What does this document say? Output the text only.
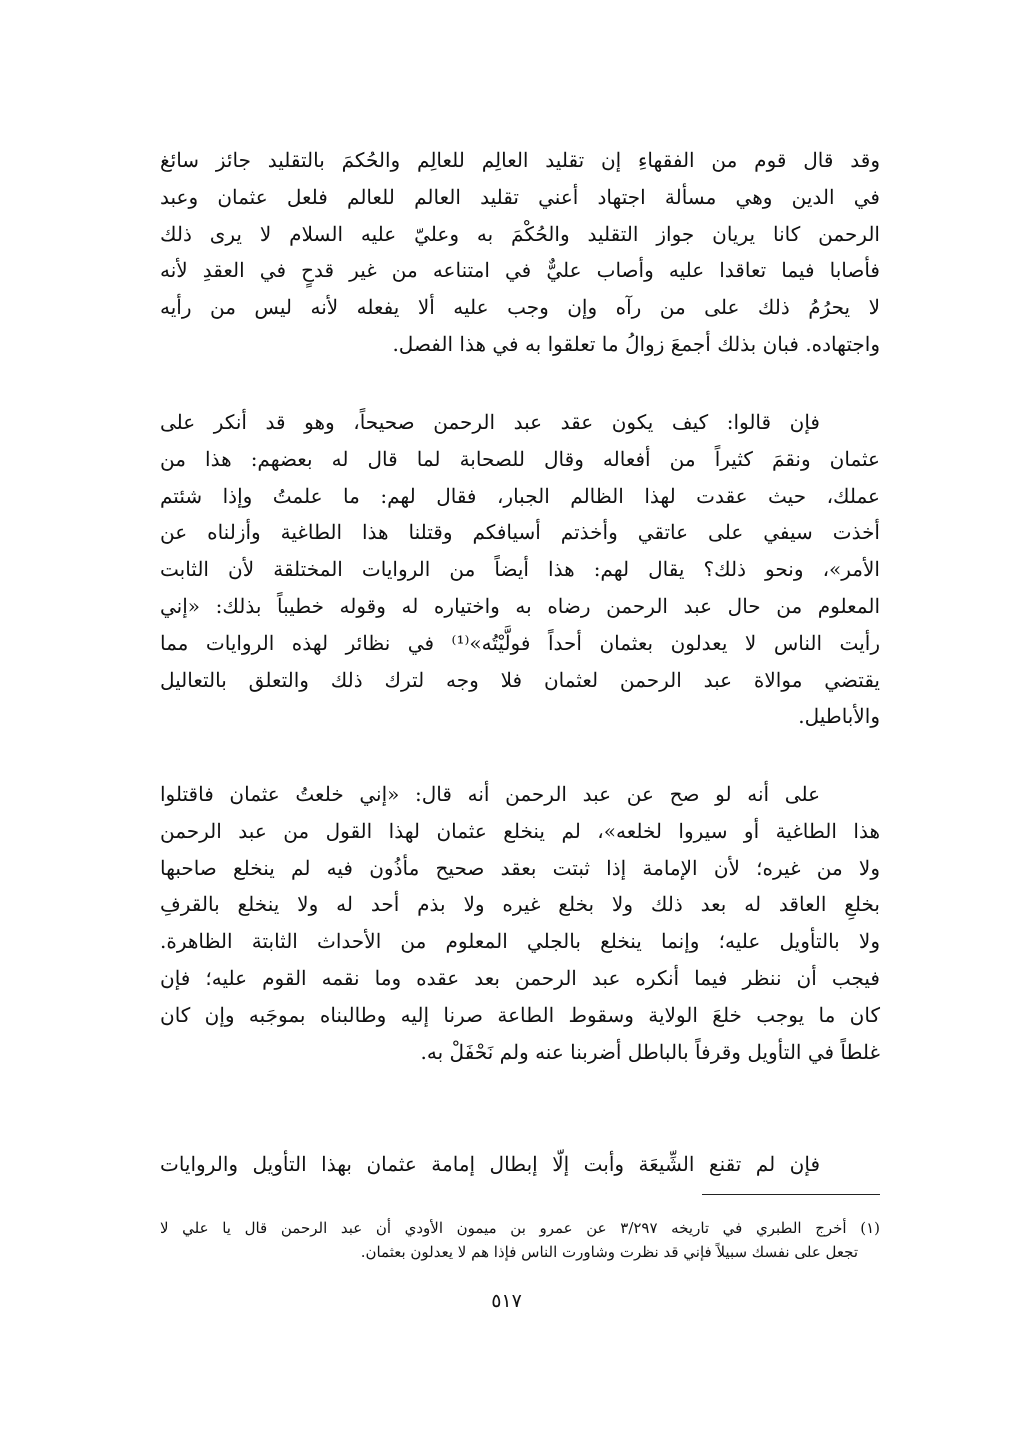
وقد قال قوم من الفقهاءِ إن تقليد العالِم للعالِم والحُكمَ بالتقليد جائز سائغ
في الدين وهي مسألة اجتهاد أعني تقليد العالم للعالم فلعل عثمان وعبد
الرحمن كانا يريان جواز التقليد والحُكْمَ به وعليّ عليه السلام لا يرى ذلك
فأصابا فيما تعاقدا عليه وأصاب عليٌّ في امتناعه من غير قدحٍ في العقدِ لأنه
لا يحرُمُ ذلك على من رآه وإن وجب عليه ألا يفعله لأنه ليس من رأيه
واجتهاده. فبان بذلك أجمعَ زوالُ ما تعلقوا به في هذا الفصل.
فإن قالوا: كيف يكون عقد عبد الرحمن صحيحاً، وهو قد أنكر على
عثمان ونقمَ كثيراً من أفعاله وقال للصحابة لما قال له بعضهم: هذا من
عملك، حيث عقدت لهذا الظالم الجبار، فقال لهم: ما علمتُ وإذا شئتم
أخذت سيفي على عاتقي وأخذتم أسيافكم وقتلنا هذا الطاغية وأزلناه عن
الأمر»، ونحو ذلك؟ يقال لهم: هذا أيضاً من الروايات المختلقة لأن الثابت
المعلوم من حال عبد الرحمن رضاه به واختياره له وقوله خطيباً بذلك: «إني
رأيت الناس لا يعدلون بعثمان أحداً فولَّيْتُه»⁽¹⁾ في نظائر لهذه الروايات مما
يقتضي موالاة عبد الرحمن لعثمان فلا وجه لترك ذلك والتعلق بالتعاليل
والأباطيل.
على أنه لو صح عن عبد الرحمن أنه قال: «إني خلعتُ عثمان فاقتلوا
هذا الطاغية أو سيروا لخلعه»، لم ينخلع عثمان لهذا القول من عبد الرحمن
ولا من غيره؛ لأن الإمامة إذا ثبتت بعقد صحيح مأذُون فيه لم ينخلع صاحبها
بخلعِ العاقد له بعد ذلك ولا بخلع غيره ولا بذم أحد له ولا ينخلع بالقرفِ
ولا بالتأويل عليه؛ وإنما ينخلع بالجلي المعلوم من الأحداث الثابتة الظاهرة.
فيجب أن ننظر فيما أنكره عبد الرحمن بعد عقده وما نقمه القوم عليه؛ فإن
كان ما يوجب خلعَ الولاية وسقوط الطاعة صرنا إليه وطالبناه بموجَبه وإن كان
غلطاً في التأويل وقرفاً بالباطل أضربنا عنه ولم نَحْفَلْ به.
فإن لم تقنع الشِّيعَة وأبت إلّا إبطال إمامة عثمان بهذا التأويل والروايات
(١) أخرج الطبري في تاريخه ٣/٢٩٧ عن عمرو بن ميمون الأودي أن عبد الرحمن قال يا علي لا
تجعل على نفسك سبيلاً فإني قد نظرت وشاورت الناس فإذا هم لا يعدلون بعثمان.
٥١٧
